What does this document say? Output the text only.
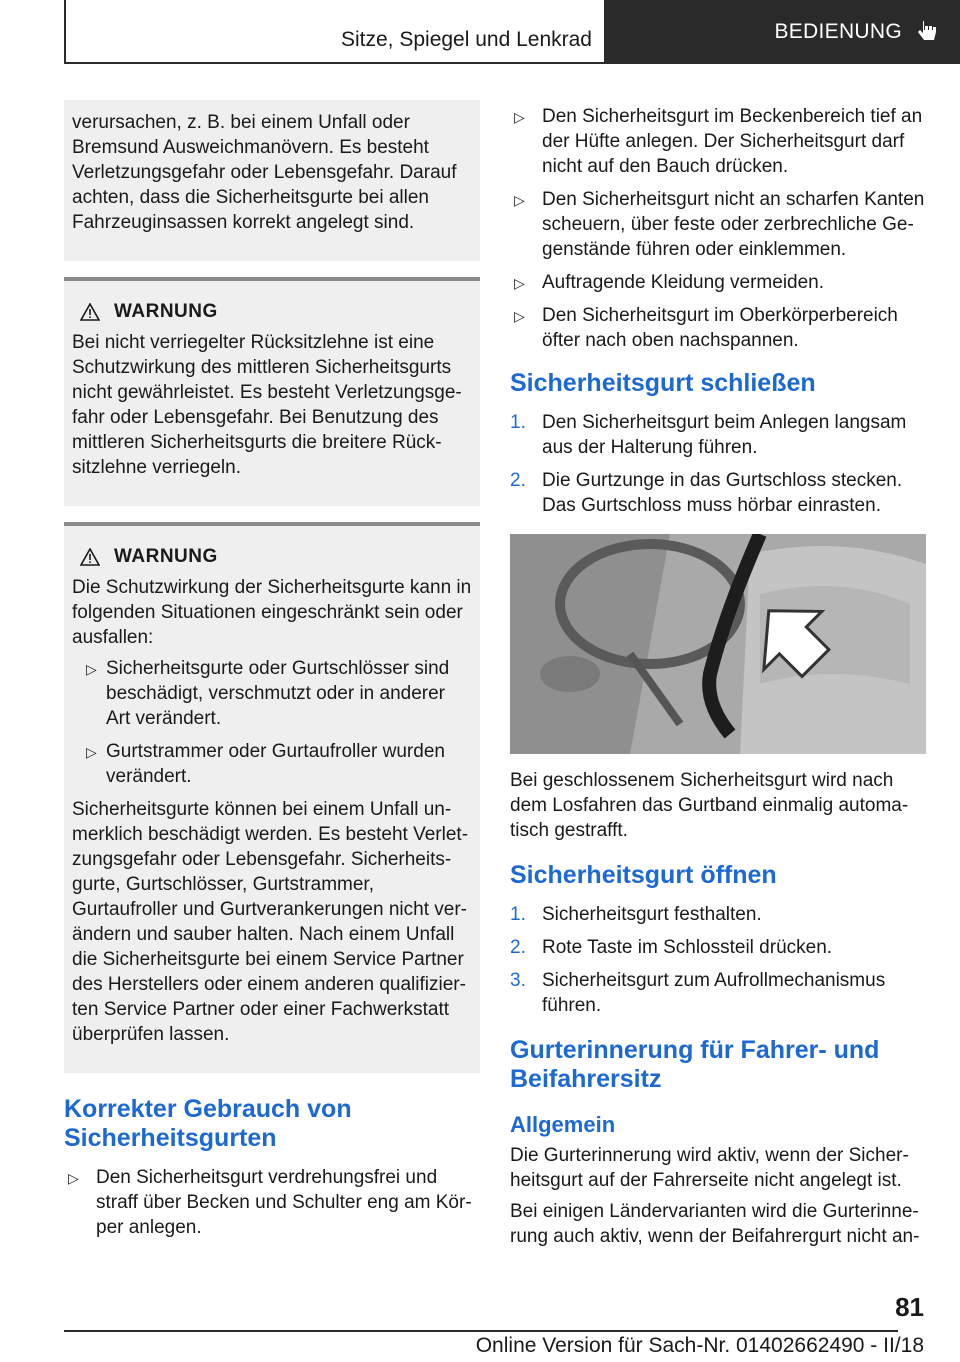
Sitze, Spiegel und Lenkrad	BEDIENUNG

verursachen, z. B. bei einem Unfall oder Bremsund Ausweichmanövern. Es besteht Verletzungsgefahr oder Lebensgefahr. Darauf achten, dass die Sicherheitsgurte bei allen Fahrzeuginsassen korrekt angelegt sind.

WARNUNG

Bei nicht verriegelter Rücksitzlehne ist eine Schutzwirkung des mittleren Sicherheitsgurts nicht gewährleistet. Es besteht Verletzungsgefahr oder Lebensgefahr. Bei Benutzung des mittleren Sicherheitsgurts die breitere Rücksitzlehne verriegeln.

WARNUNG

Die Schutzwirkung der Sicherheitsgurte kann in folgenden Situationen eingeschränkt sein oder ausfallen:

▷ Sicherheitsgurte oder Gurtschlösser sind beschädigt, verschmutzt oder in anderer Art verändert.
▷ Gurtstrammer oder Gurtaufroller wurden verändert.

Sicherheitsgurte können bei einem Unfall unmerklich beschädigt werden. Es besteht Verletzungsgefahr oder Lebensgefahr. Sicherheitsgurte, Gurtschlösser, Gurtstrammer, Gurtaufroller und Gurtverankerungen nicht verändern und sauber halten. Nach einem Unfall die Sicherheitsgurte bei einem Service Partner des Herstellers oder einem anderen qualifizierten Service Partner oder einer Fachwerkstatt überprüfen lassen.

Korrekter Gebrauch von Sicherheitsgurten
▷ Den Sicherheitsgurt verdrehungsfrei und straff über Becken und Schulter eng am Körper anlegen.
▷ Den Sicherheitsgurt im Beckenbereich tief an der Hüfte anlegen. Der Sicherheitsgurt darf nicht auf den Bauch drücken.
▷ Den Sicherheitsgurt nicht an scharfen Kanten scheuern, über feste oder zerbrechliche Gegenstände führen oder einklemmen.
▷ Auftragende Kleidung vermeiden.
▷ Den Sicherheitsgurt im Oberkörperbereich öfter nach oben nachspannen.
Sicherheitsgurt schließen
1. Den Sicherheitsgurt beim Anlegen langsam aus der Halterung führen.
2. Die Gurtzunge in das Gurtschloss stecken. Das Gurtschloss muss hörbar einrasten.

Bei geschlossenem Sicherheitsgurt wird nach dem Losfahren das Gurtband einmalig automatisch gestrafft.

Sicherheitsgurt öffnen
1. Sicherheitsgurt festhalten.
2. Rote Taste im Schlossteil drücken.
3. Sicherheitsgurt zum Aufrollmechanismus führen.
Gurterinnerung für Fahrer- und Beifahrersitz
Allgemein

Die Gurterinnerung wird aktiv, wenn der Sicherheitsgurt auf der Fahrerseite nicht angelegt ist.

Bei einigen Ländervarianten wird die Gurterinnerung auch aktiv, wenn der Beifahrergurt nicht an-

81
Online Version für Sach-Nr. 01402662490 - II/18
